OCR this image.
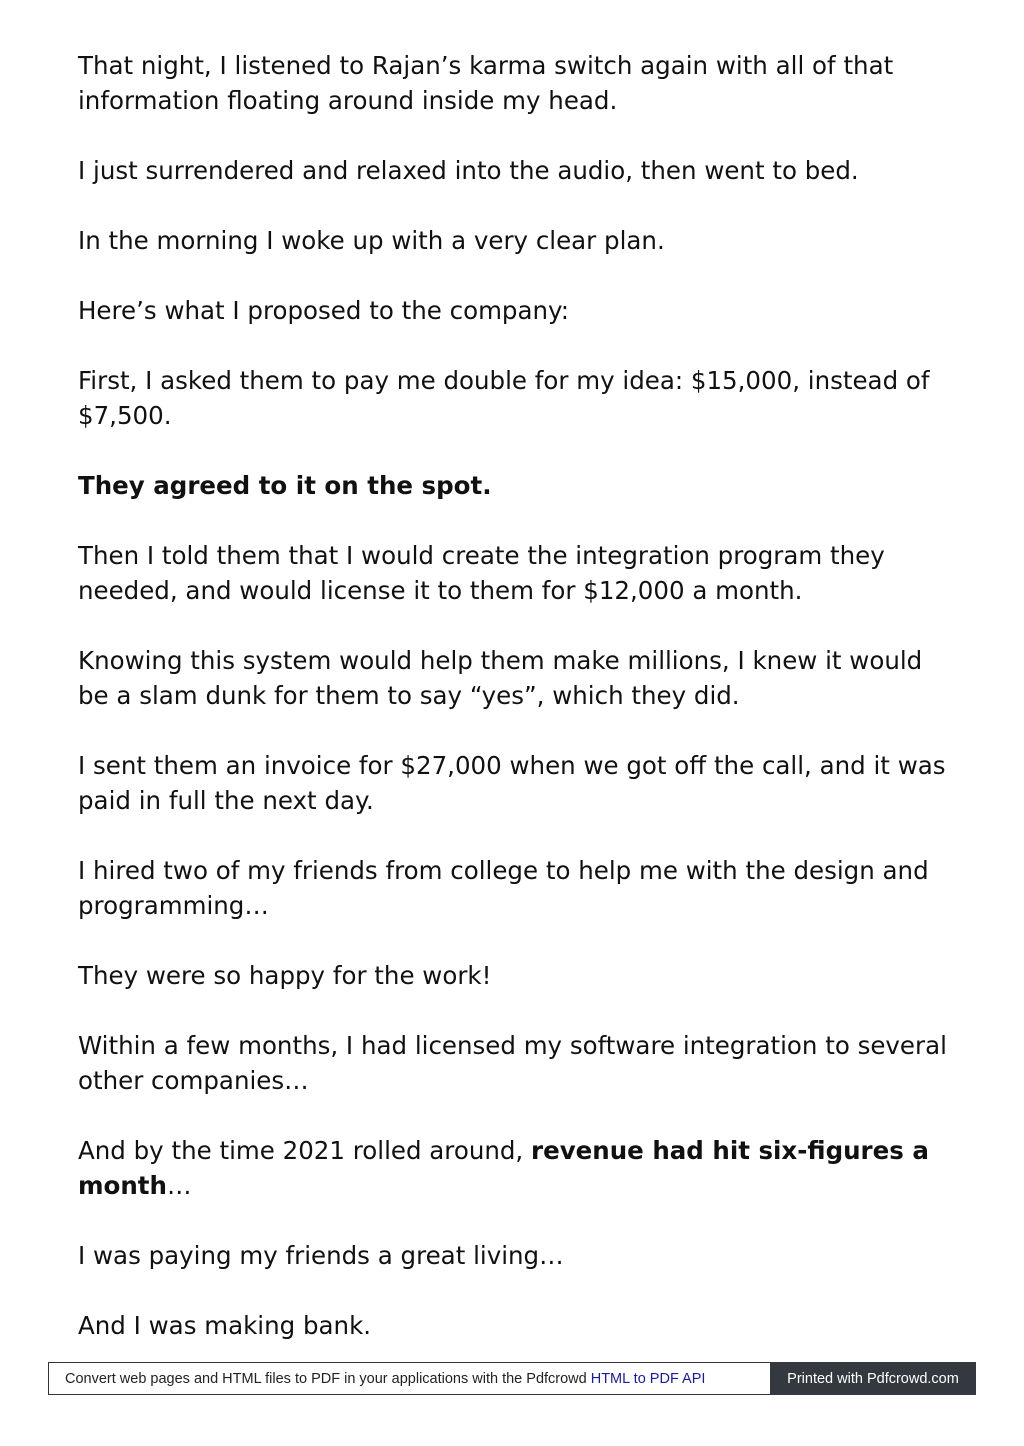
That night, I listened to Rajan’s karma switch again with all of that information floating around inside my head.

I just surrendered and relaxed into the audio, then went to bed.

In the morning I woke up with a very clear plan.

Here’s what I proposed to the company:

First, I asked them to pay me double for my idea: $15,000, instead of $7,500.

They agreed to it on the spot.

Then I told them that I would create the integration program they needed, and would license it to them for $12,000 a month.

Knowing this system would help them make millions, I knew it would be a slam dunk for them to say “yes”, which they did.

I sent them an invoice for $27,000 when we got off the call, and it was paid in full the next day.

I hired two of my friends from college to help me with the design and programming…

They were so happy for the work!

Within a few months, I had licensed my software integration to several other companies…

And by the time 2021 rolled around, revenue had hit six-figures a month…

I was paying my friends a great living…

And I was making bank.

Convert web pages and HTML files to PDF in your applications with the Pdfcrowd HTML to PDF API	Printed with Pdfcrowd.com
